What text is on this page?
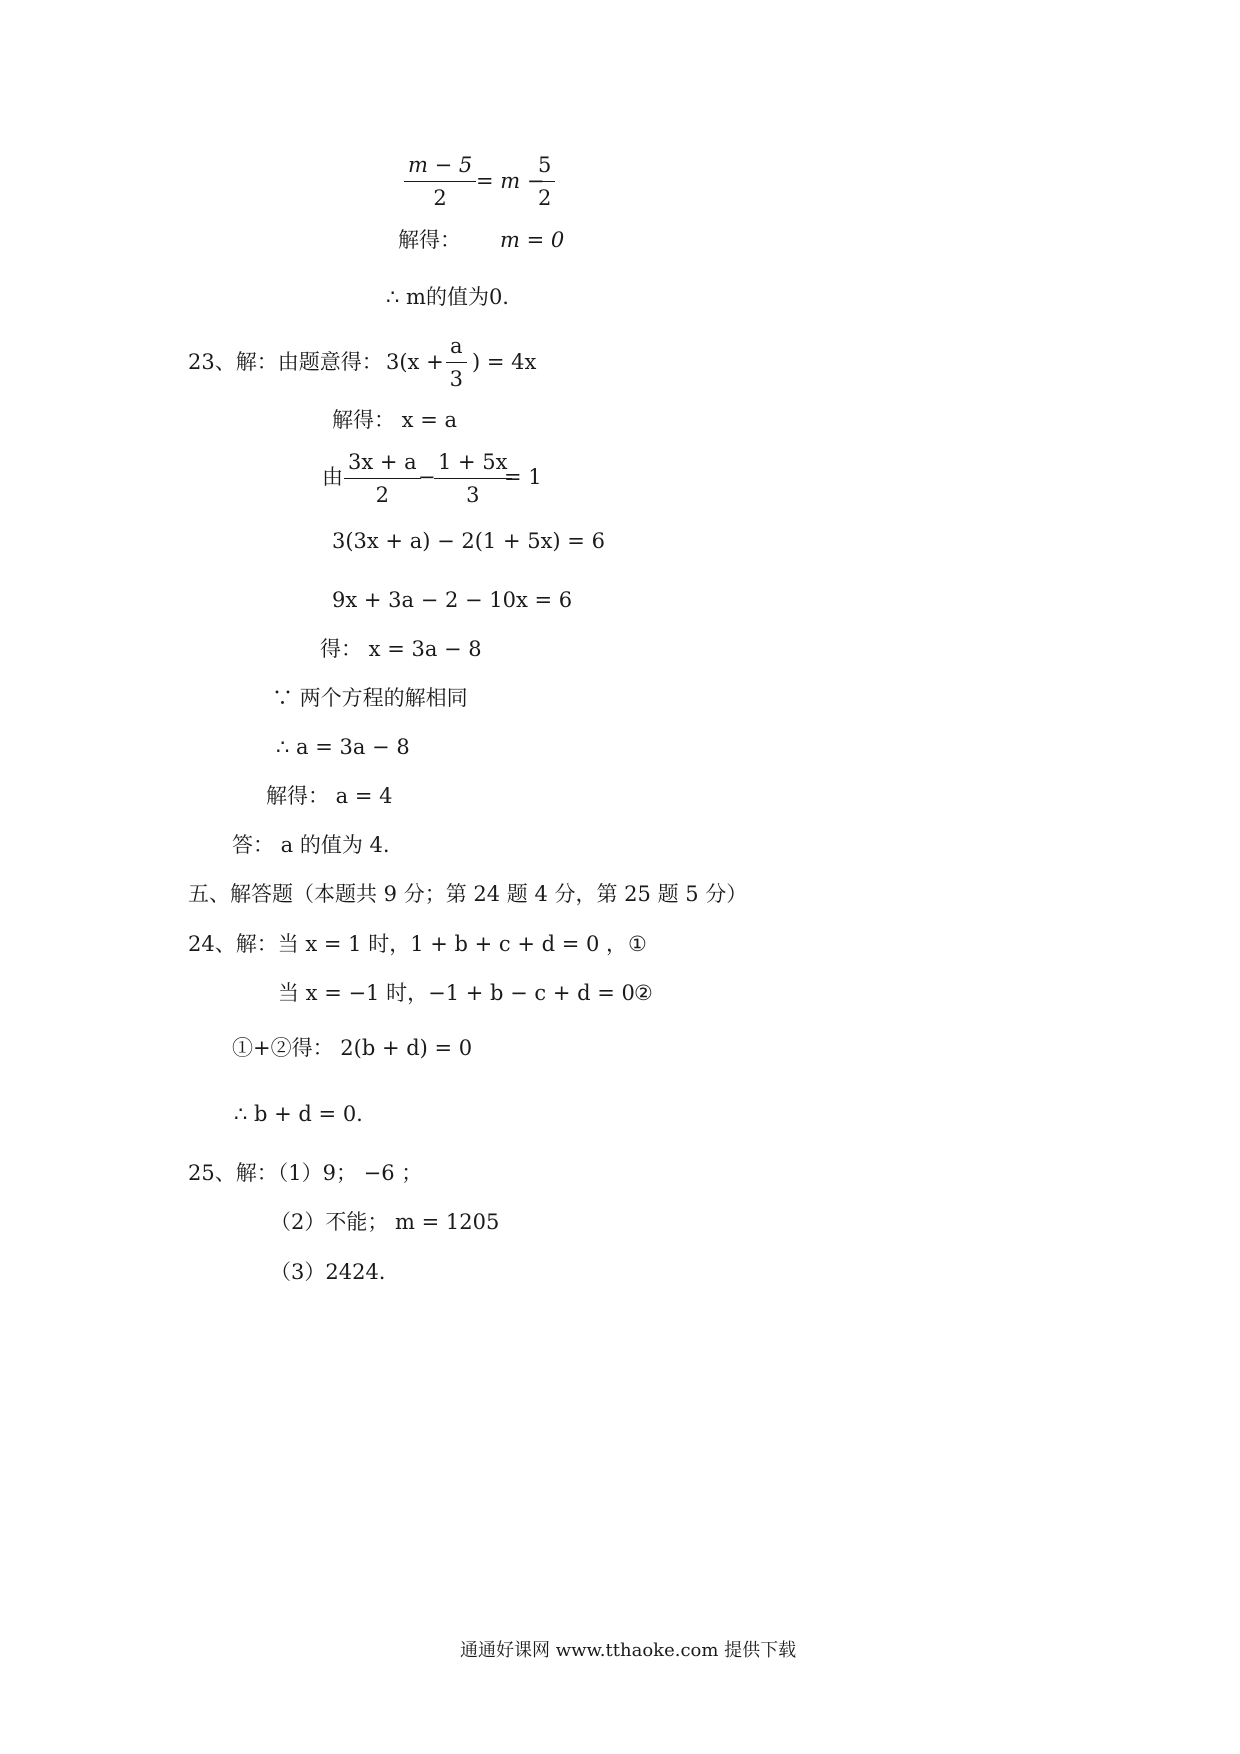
m − 5
2
= m −
5
2
解得： m = 0
∴ m的值为0.
23、解：由题意得： 3(x +
a
3
) = 4x
解得： x = a
由
3x + a
2
−
1 + 5x
3
= 1
3(3x + a) − 2(1 + 5x) = 6
9x + 3a − 2 − 10x = 6
得： x = 3a − 8
∵ 两个方程的解相同
∴ a = 3a − 8
解得： a = 4
答： a 的值为 4.
五、解答题（本题共 9 分；第 24 题 4 分，第 25 题 5 分）
24、解：当 x = 1 时，1 + b + c + d = 0 ， ①
当 x = −1 时，−1 + b − c + d = 0 ②
①+②得： 2(b + d) = 0
∴ b + d = 0.
25、解：（1）9； −6 ；
（2）不能； m = 1205
（3）2424.
通通好课网 www.tthaoke.com 提供下载
